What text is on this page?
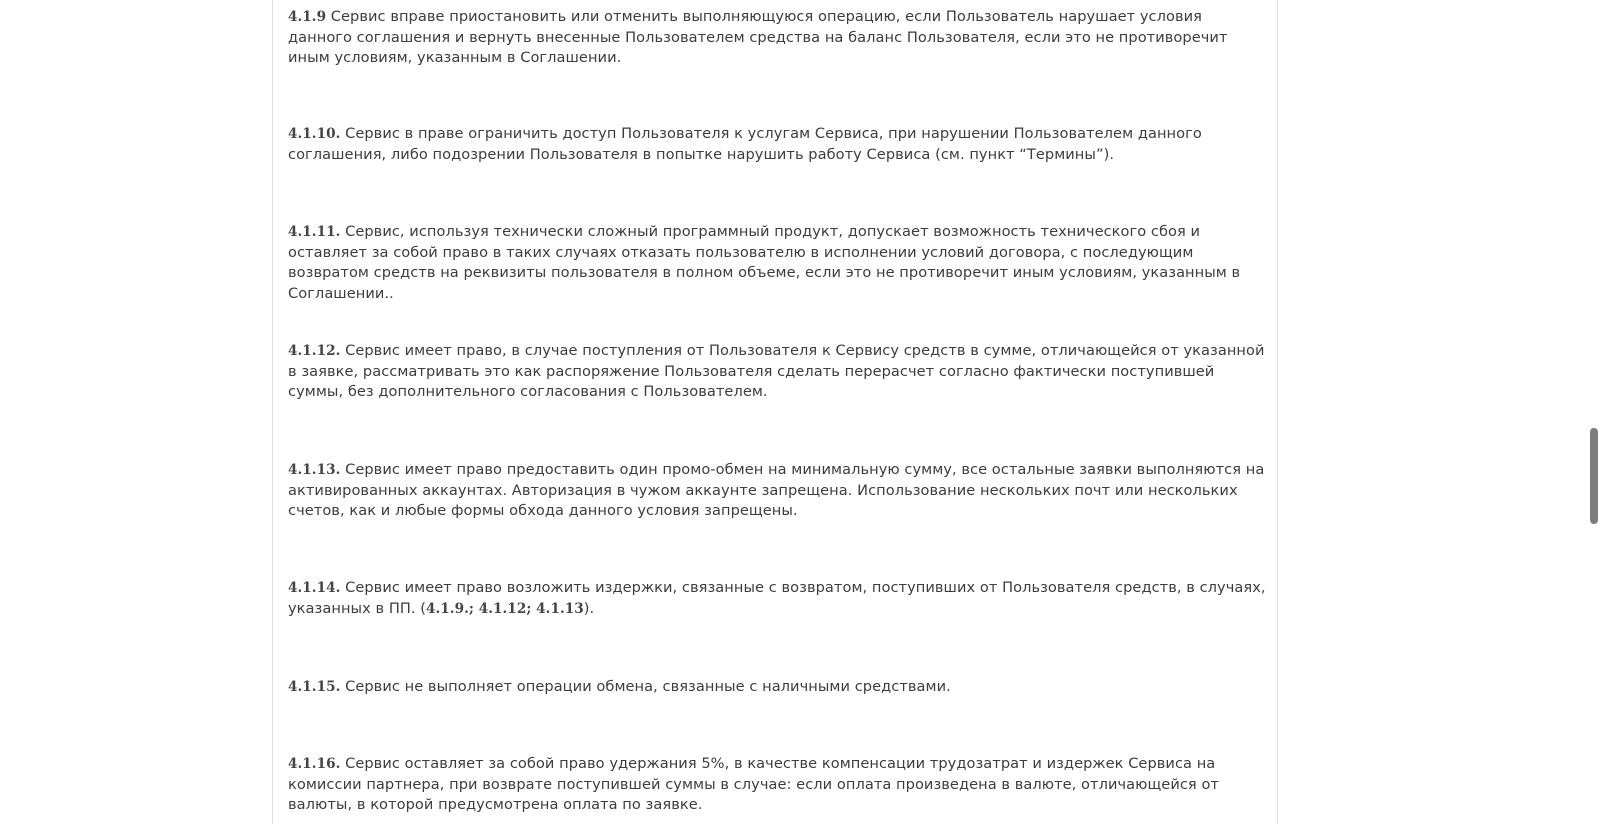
4.1.9 Сервис вправе приостановить или отменить выполняющуюся операцию, если Пользователь нарушает условия данного соглашения и вернуть внесенные Пользователем средства на баланс Пользователя, если это не противоречит иным условиям, указанным в Соглашении.

4.1.10. Сервис в праве ограничить доступ Пользователя к услугам Сервиса, при нарушении Пользователем данного соглашения, либо подозрении Пользователя в попытке нарушить работу Сервиса (см. пункт “Термины”).

4.1.11. Сервис, используя технически сложный программный продукт, допускает возможность технического сбоя и оставляет за собой право в таких случаях отказать пользователю в исполнении условий договора, с последующим возвратом средств на реквизиты пользователя в полном объеме, если это не противоречит иным условиям, указанным в Соглашении..

4.1.12. Сервис имеет право, в случае поступления от Пользователя к Сервису средств в сумме, отличающейся от указанной в заявке, рассматривать это как распоряжение Пользователя сделать перерасчет согласно фактически поступившей суммы, без дополнительного согласования с Пользователем.

4.1.13. Сервис имеет право предоставить один промо-обмен на минимальную сумму, все остальные заявки выполняются на активированных аккаунтах. Авторизация в чужом аккаунте запрещена. Использование нескольких почт или нескольких счетов, как и любые формы обхода данного условия запрещены.

4.1.14. Сервис имеет право возложить издержки, связанные с возвратом, поступивших от Пользователя средств, в случаях, указанных в ПП. (4.1.9.; 4.1.12; 4.1.13).

4.1.15. Сервис не выполняет операции обмена, связанные с наличными средствами.

4.1.16. Сервис оставляет за собой право удержания 5%, в качестве компенсации трудозатрат и издержек Сервиса на комиссии партнера, при возврате поступившей суммы в случае: если оплата произведена в валюте, отличающейся от валюты, в которой предусмотрена оплата по заявке.
